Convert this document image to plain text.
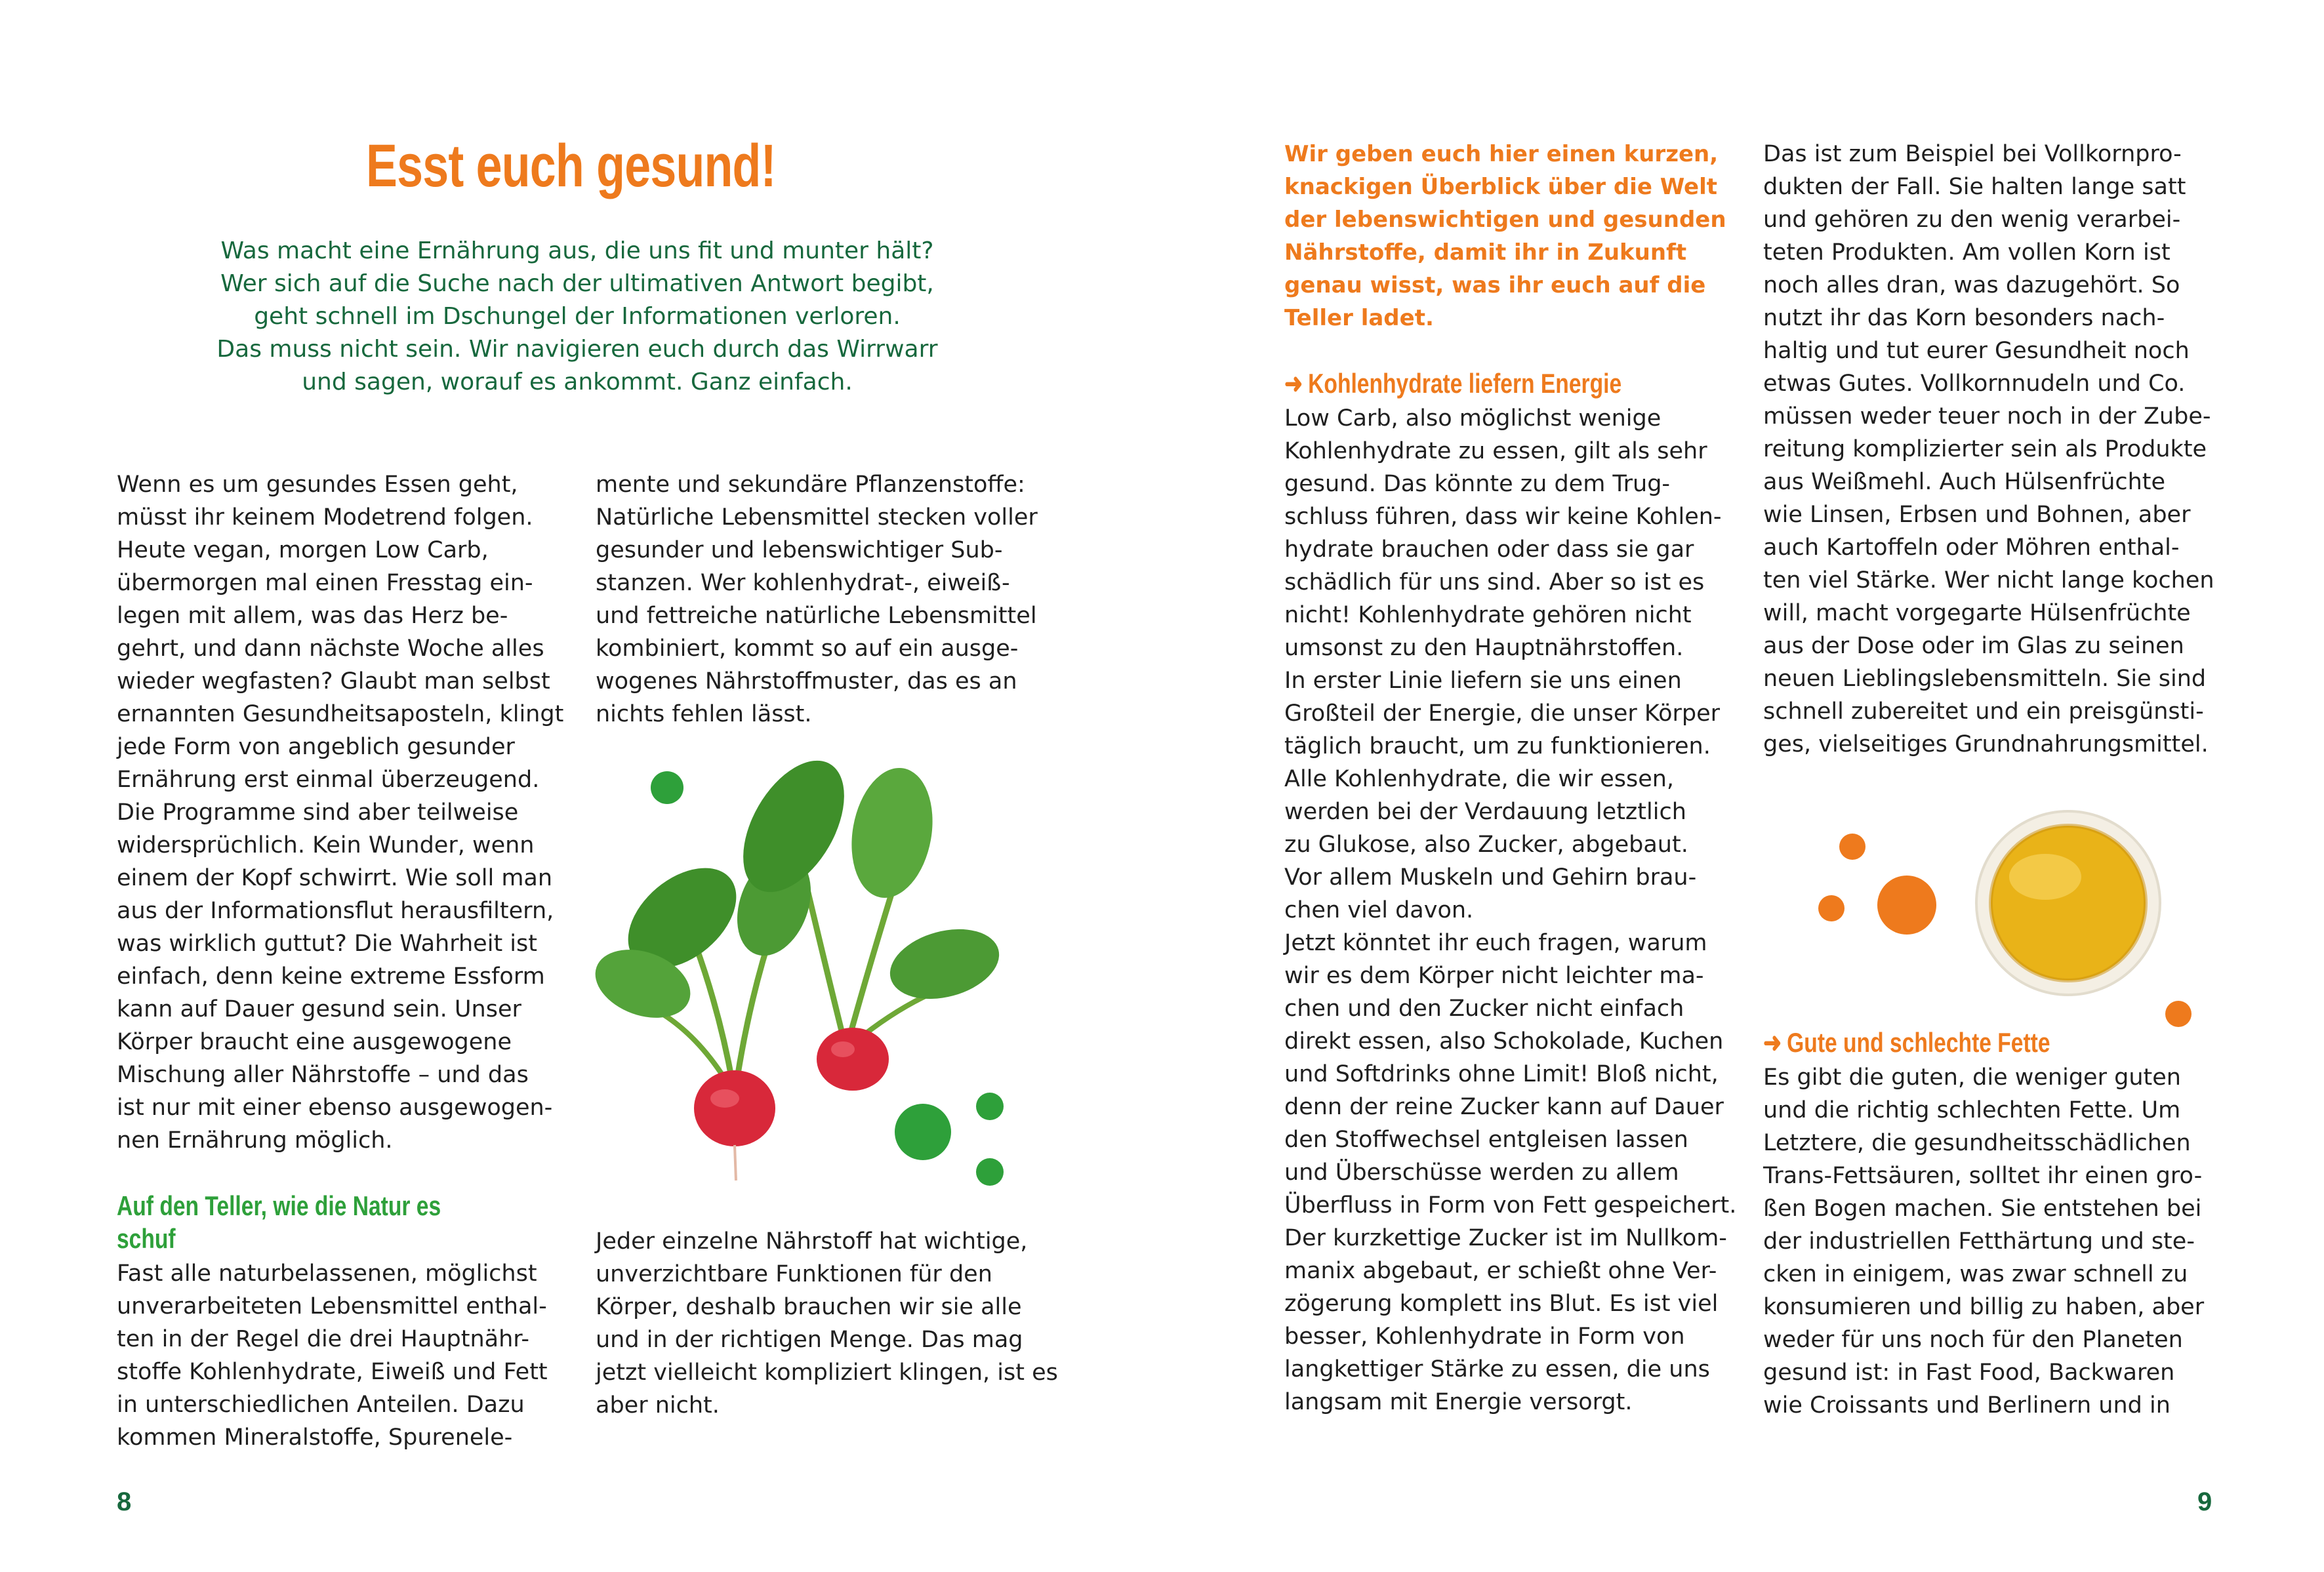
Esst euch gesund!

Was macht eine Ernährung aus, die uns fit und munter hält?
Wer sich auf die Suche nach der ultimativen Antwort begibt,
geht schnell im Dschungel der Informationen verloren.
Das muss nicht sein. Wir navigieren euch durch das Wirrwarr
und sagen, worauf es ankommt. Ganz einfach.

Wenn es um gesundes Essen geht,
müsst ihr keinem Modetrend folgen.
Heute vegan, morgen Low Carb,
übermorgen mal einen Fresstag ein-
legen mit allem, was das Herz be-
gehrt, und dann nächste Woche alles
wieder wegfasten? Glaubt man selbst
ernannten Gesundheitsaposteln, klingt
jede Form von angeblich gesunder
Ernährung erst einmal überzeugend.
Die Programme sind aber teilweise
widersprüchlich. Kein Wunder, wenn
einem der Kopf schwirrt. Wie soll man
aus der Informationsflut herausfiltern,
was wirklich guttut? Die Wahrheit ist
einfach, denn keine extreme Essform
kann auf Dauer gesund sein. Unser
Körper braucht eine ausgewogene
Mischung aller Nährstoffe – und das
ist nur mit einer ebenso ausgewogen-
nen Ernährung möglich.

Auf den Teller, wie die Natur es schuf

Fast alle naturbelassenen, möglichst
unverarbeiteten Lebensmittel enthal-
ten in der Regel die drei Hauptnähr-
stoffe Kohlenhydrate, Eiweiß und Fett
in unterschiedlichen Anteilen. Dazu
kommen Mineralstoffe, Spurenele-

mente und sekundäre Pflanzenstoffe:
Natürliche Lebensmittel stecken voller
gesunder und lebenswichtiger Sub-
stanzen. Wer kohlenhydrat-, eiweiß-
und fettreiche natürliche Lebensmittel
kombiniert, kommt so auf ein ausge-
wogenes Nährstoffmuster, das es an
nichts fehlen lässt.

Jeder einzelne Nährstoff hat wichtige,
unverzichtbare Funktionen für den
Körper, deshalb brauchen wir sie alle
und in der richtigen Menge. Das mag
jetzt vielleicht kompliziert klingen, ist es
aber nicht.

8

Wir geben euch hier einen kurzen,
knackigen Überblick über die Welt
der lebenswichtigen und gesunden
Nährstoffe, damit ihr in Zukunft
genau wisst, was ihr euch auf die
Teller ladet.

➜ Kohlenhydrate liefern Energie

Low Carb, also möglichst wenige
Kohlenhydrate zu essen, gilt als sehr
gesund. Das könnte zu dem Trug-
schluss führen, dass wir keine Kohlen-
hydrate brauchen oder dass sie gar
schädlich für uns sind. Aber so ist es
nicht! Kohlenhydrate gehören nicht
umsonst zu den Hauptnährstoffen.
In erster Linie liefern sie uns einen
Großteil der Energie, die unser Körper
täglich braucht, um zu funktionieren.
Alle Kohlenhydrate, die wir essen,
werden bei der Verdauung letztlich
zu Glukose, also Zucker, abgebaut.
Vor allem Muskeln und Gehirn brau-
chen viel davon.
Jetzt könntet ihr euch fragen, warum
wir es dem Körper nicht leichter ma-
chen und den Zucker nicht einfach
direkt essen, also Schokolade, Kuchen
und Softdrinks ohne Limit! Bloß nicht,
denn der reine Zucker kann auf Dauer
den Stoffwechsel entgleisen lassen
und Überschüsse werden zu allem
Überfluss in Form von Fett gespeichert.
Der kurzkettige Zucker ist im Nullkom-
manix abgebaut, er schießt ohne Ver-
zögerung komplett ins Blut. Es ist viel
besser, Kohlenhydrate in Form von
langkettiger Stärke zu essen, die uns
langsam mit Energie versorgt.

Das ist zum Beispiel bei Vollkornpro-
dukten der Fall. Sie halten lange satt
und gehören zu den wenig verarbei-
teten Produkten. Am vollen Korn ist
noch alles dran, was dazugehört. So
nutzt ihr das Korn besonders nach-
haltig und tut eurer Gesundheit noch
etwas Gutes. Vollkornnudeln und Co.
müssen weder teuer noch in der Zube-
reitung komplizierter sein als Produkte
aus Weißmehl. Auch Hülsenfrüchte
wie Linsen, Erbsen und Bohnen, aber
auch Kartoffeln oder Möhren enthal-
ten viel Stärke. Wer nicht lange kochen
will, macht vorgegarte Hülsenfrüchte
aus der Dose oder im Glas zu seinen
neuen Lieblingslebensmitteln. Sie sind
schnell zubereitet und ein preisgünsti-
ges, vielseitiges Grundnahrungsmittel.

➜ Gute und schlechte Fette

Es gibt die guten, die weniger guten
und die richtig schlechten Fette. Um
Letztere, die gesundheitsschädlichen
Trans-Fettsäuren, solltet ihr einen gro-
ßen Bogen machen. Sie entstehen bei
der industriellen Fetthärtung und ste-
cken in einigem, was zwar schnell zu
konsumieren und billig zu haben, aber
weder für uns noch für den Planeten
gesund ist: in Fast Food, Backwaren
wie Croissants und Berlinern und in

9
